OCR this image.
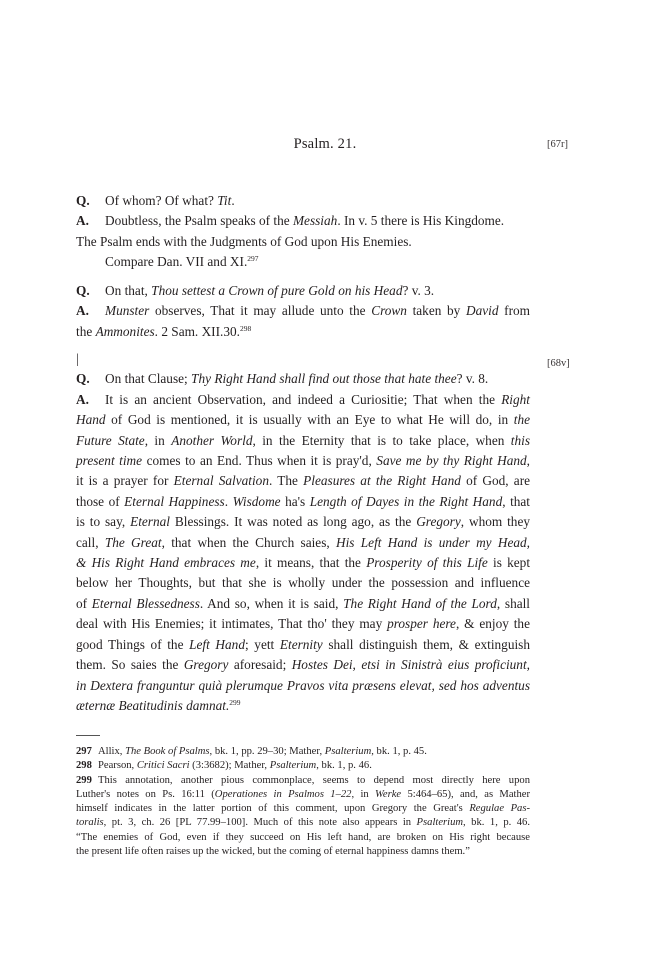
Psalm. 21.	[67r]
Q. Of whom? Of what? Tit.
A. Doubtless, the Psalm speaks of the Messiah. In v. 5 there is His Kingdome.
The Psalm ends with the Judgments of God upon His Enemies.
Compare Dan. VII and XI.$^{297}$
Q. On that, Thou settest a Crown of pure Gold on his Head? v. 3.
A. Munster observes, That it may allude unto the Crown taken by David from
the Ammonites. 2 Sam. XII.30.$^{298}$
[68v]
|
Q. On that Clause; Thy Right Hand shall find out those that hate thee? v. 8.
A. It is an ancient Observation, and indeed a Curiositie; That when the Right
Hand of God is mentioned, it is usually with an Eye to what He will do, in the
Future State, in Another World, in the Eternity that is to take place, when this
present time comes to an End. Thus when it is pray'd, Save me by thy Right Hand,
it is a prayer for Eternal Salvation. The Pleasures at the Right Hand of God, are
those of Eternal Happiness. Wisdome ha's Length of Dayes in the Right Hand, that
is to say, Eternal Blessings. It was noted as long ago, as the Gregory, whom they
call, The Great, that when the Church saies, His Left Hand is under my Head,
& His Right Hand embraces me, it means, that the Prosperity of this Life is kept
below her Thoughts, but that she is wholly under the possession and influence
of Eternal Blessedness. And so, when it is said, The Right Hand of the Lord, shall
deal with His Enemies; it intimates, That tho' they may prosper here, & enjoy the
good Things of the Left Hand; yett Eternity shall distinguish them, & extinguish
them. So saies the Gregory aforesaid; Hostes Dei, etsi in Sinistrà eius proficiunt,
in Dextera franguntur quià plerumque Pravos vita præsens elevat, sed hos adventus
æternæ Beatitudinis damnat.$^{299}$
297 Allix, The Book of Psalms, bk. 1, pp. 29–30; Mather, Psalterium, bk. 1, p. 45.
298 Pearson, Critici Sacri (3:3682); Mather, Psalterium, bk. 1, p. 46.
299 This annotation, another pious commonplace, seems to depend most directly here upon
Luther's notes on Ps. 16:11 (Operationes in Psalmos 1–22, in Werke 5:464–65), and, as Mather
himself indicates in the latter portion of this comment, upon Gregory the Great's Regulae Pas-
toralis, pt. 3, ch. 26 [PL 77.99–100]. Much of this note also appears in Psalterium, bk. 1, p. 46.
“The enemies of God, even if they succeed on His left hand, are broken on His right because
the present life often raises up the wicked, but the coming of eternal happiness damns them.”
